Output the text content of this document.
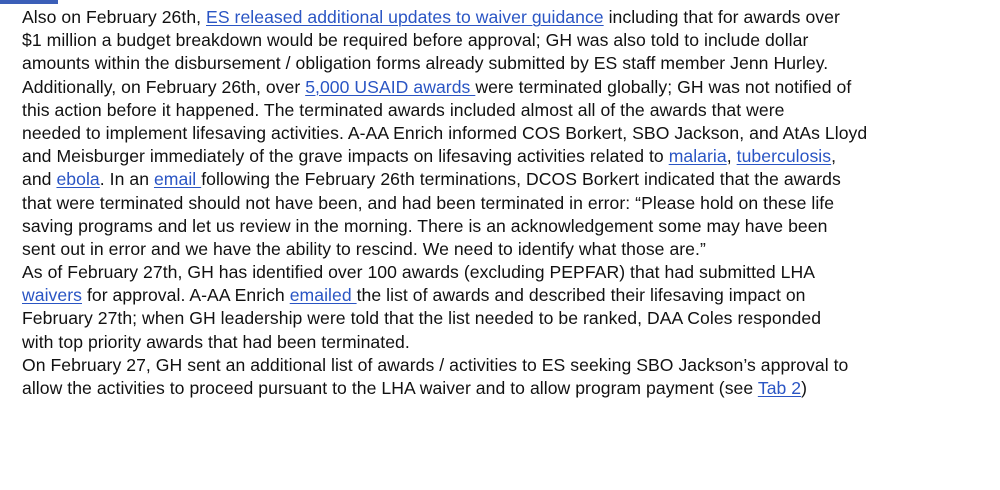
Also on February 26th, ES released additional updates to waiver guidance including that for awards over
$1 million a budget breakdown would be required before approval; GH was also told to include dollar
amounts within the disbursement / obligation forms already submitted by ES staff member Jenn Hurley.
Additionally, on February 26th, over 5,000 USAID awards were terminated globally; GH was not notified of
this action before it happened. The terminated awards included almost all of the awards that were
needed to implement lifesaving activities. A-AA Enrich informed COS Borkert, SBO Jackson, and AtAs Lloyd
and Meisburger immediately of the grave impacts on lifesaving activities related to malaria, tuberculosis,
and ebola. In an email following the February 26th terminations, DCOS Borkert indicated that the awards
that were terminated should not have been, and had been terminated in error: “Please hold on these life
saving programs and let us review in the morning. There is an acknowledgement some may have been
sent out in error and we have the ability to rescind. We need to identify what those are.”
As of February 27th, GH has identified over 100 awards (excluding PEPFAR) that had submitted LHA
waivers for approval. A-AA Enrich emailed the list of awards and described their lifesaving impact on
February 27th; when GH leadership were told that the list needed to be ranked, DAA Coles responded
with top priority awards that had been terminated.
On February 27, GH sent an additional list of awards / activities to ES seeking SBO Jackson’s approval to
allow the activities to proceed pursuant to the LHA waiver and to allow program payment (see Tab 2)
